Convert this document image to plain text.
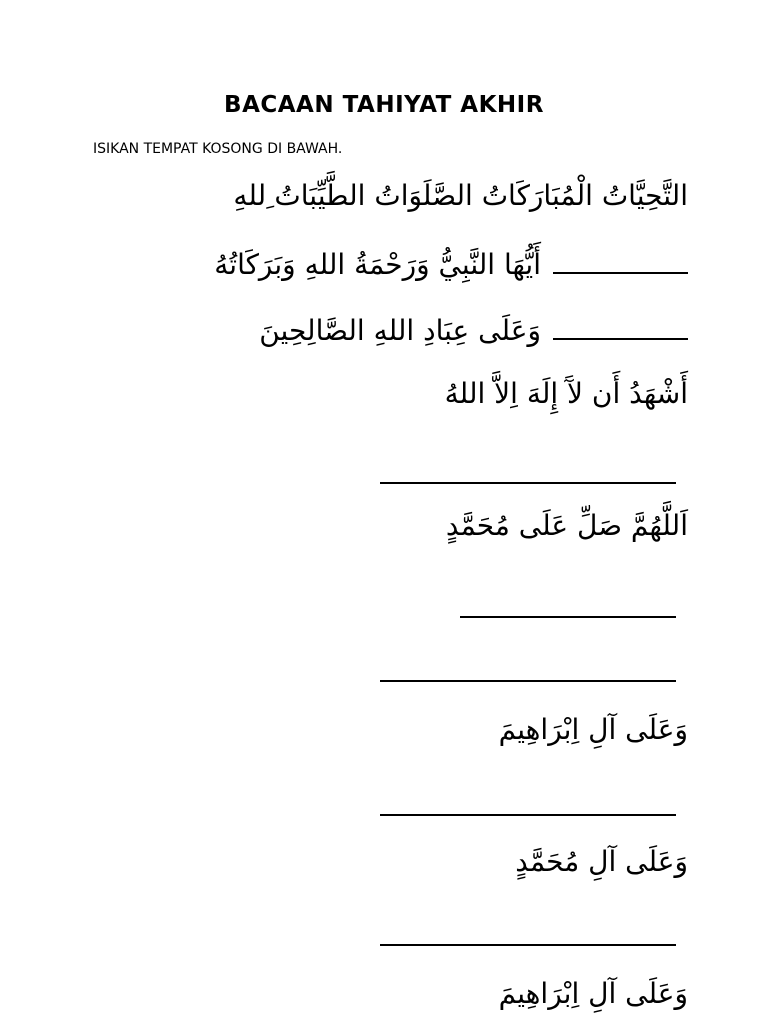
BACAAN TAHIYAT AKHIR
ISIKAN TEMPAT KOSONG DI BAWAH.
التَّحِيَّاتُ الْمُبَارَكَاتُ الصَّلَوَاتُ الطَّيِّبَاتُ ِللهِ
أَيُّهَا النَّبِيُّ وَرَحْمَةُ اللهِ وَبَرَكَاتُهُ
وَعَلَى عِبَادِ اللهِ الصَّالِحِينَ
أَشْهَدُ أَن لآَ إِلَهَ اِلاَّ اللهُ
اَللَّهُمَّ صَلِّ عَلَى مُحَمَّدٍ
وَعَلَى آلِ اِبْرَاهِيمَ
وَعَلَى آلِ مُحَمَّدٍ
وَعَلَى آلِ اِبْرَاهِيمَ
